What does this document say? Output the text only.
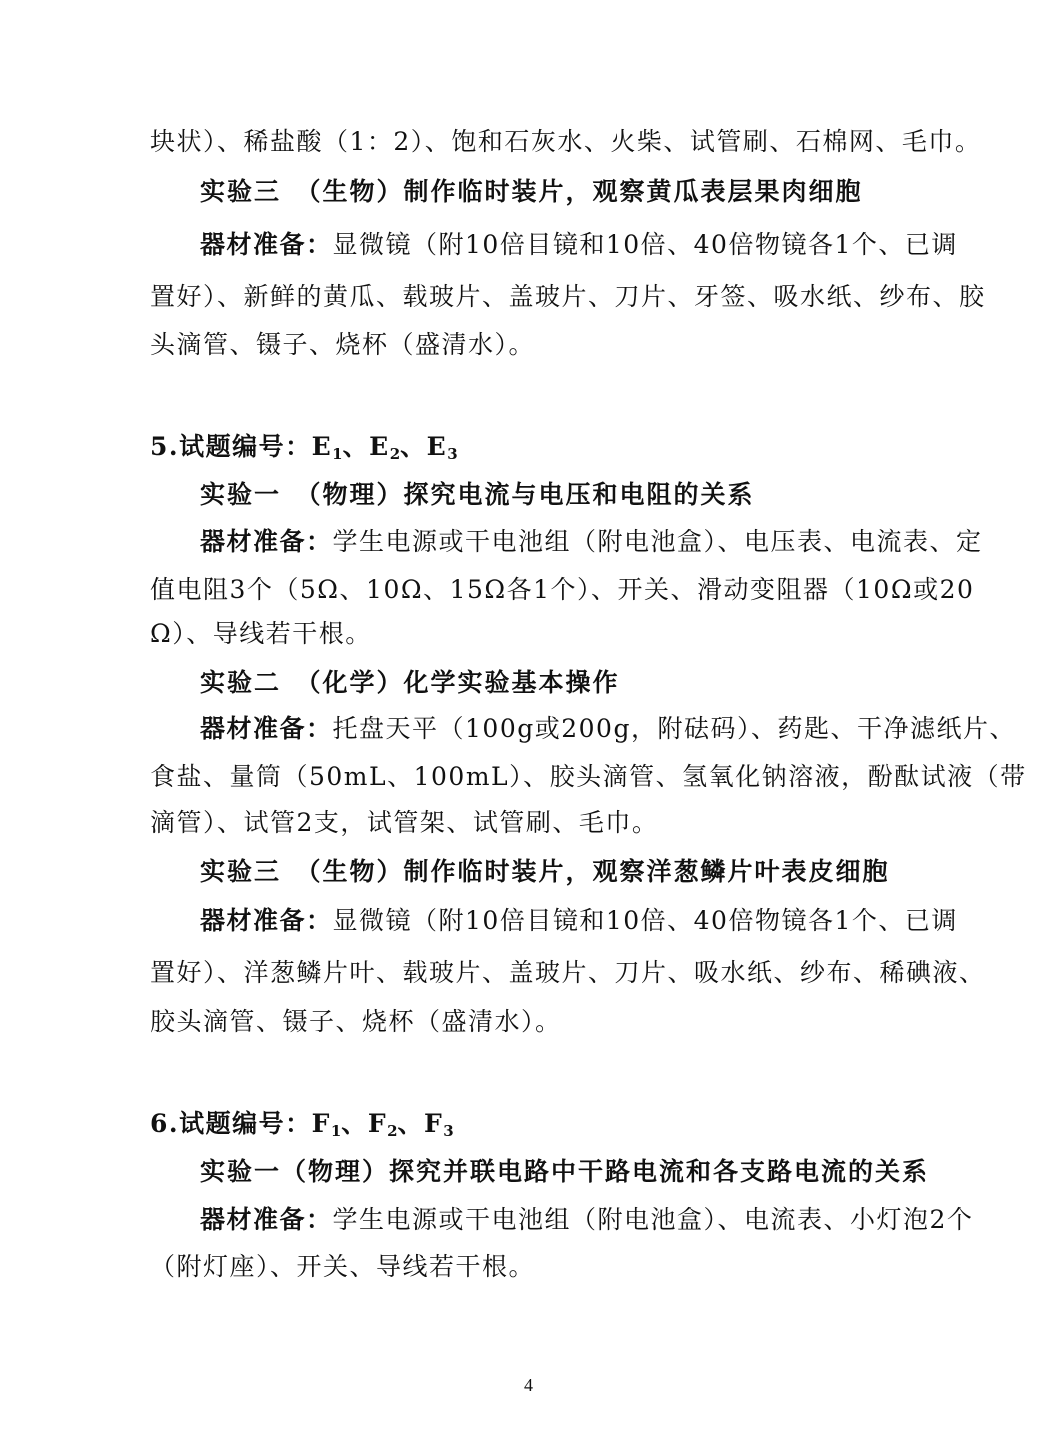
块状）、稀盐酸（1：2）、饱和石灰水、火柴、试管刷、石棉网、毛巾。
实验三　（生物）制作临时装片，观察黄瓜表层果肉细胞
器材准备：显微镜（附10倍目镜和10倍、40倍物镜各1个、已调
置好）、新鲜的黄瓜、载玻片、盖玻片、刀片、牙签、吸水纸、纱布、胶
头滴管、镊子、烧杯（盛清水）。
5.试题编号：$E_1$、$E_2$、$E_3$
实验一　（物理）探究电流与电压和电阻的关系
器材准备：学生电源或干电池组（附电池盒）、电压表、电流表、定
值电阻3个（5Ω、10Ω、15Ω各1个）、开关、滑动变阻器（10Ω或20
Ω）、导线若干根。
实验二　（化学）化学实验基本操作
器材准备：托盘天平（100g或200g，附砝码）、药匙、干净滤纸片、
食盐、量筒（50mL、100mL）、胶头滴管、氢氧化钠溶液，酚酞试液（带
滴管）、试管2支，试管架、试管刷、毛巾。
实验三　（生物）制作临时装片，观察洋葱鳞片叶表皮细胞
器材准备：显微镜（附10倍目镜和10倍、40倍物镜各1个、已调
置好）、洋葱鳞片叶、载玻片、盖玻片、刀片、吸水纸、纱布、稀碘液、
胶头滴管、镊子、烧杯（盛清水）。
6.试题编号：$F_1$、$F_2$、$F_3$
实验一（物理）探究并联电路中干路电流和各支路电流的关系
器材准备：学生电源或干电池组（附电池盒）、电流表、小灯泡2个
（附灯座）、开关、导线若干根。
4
